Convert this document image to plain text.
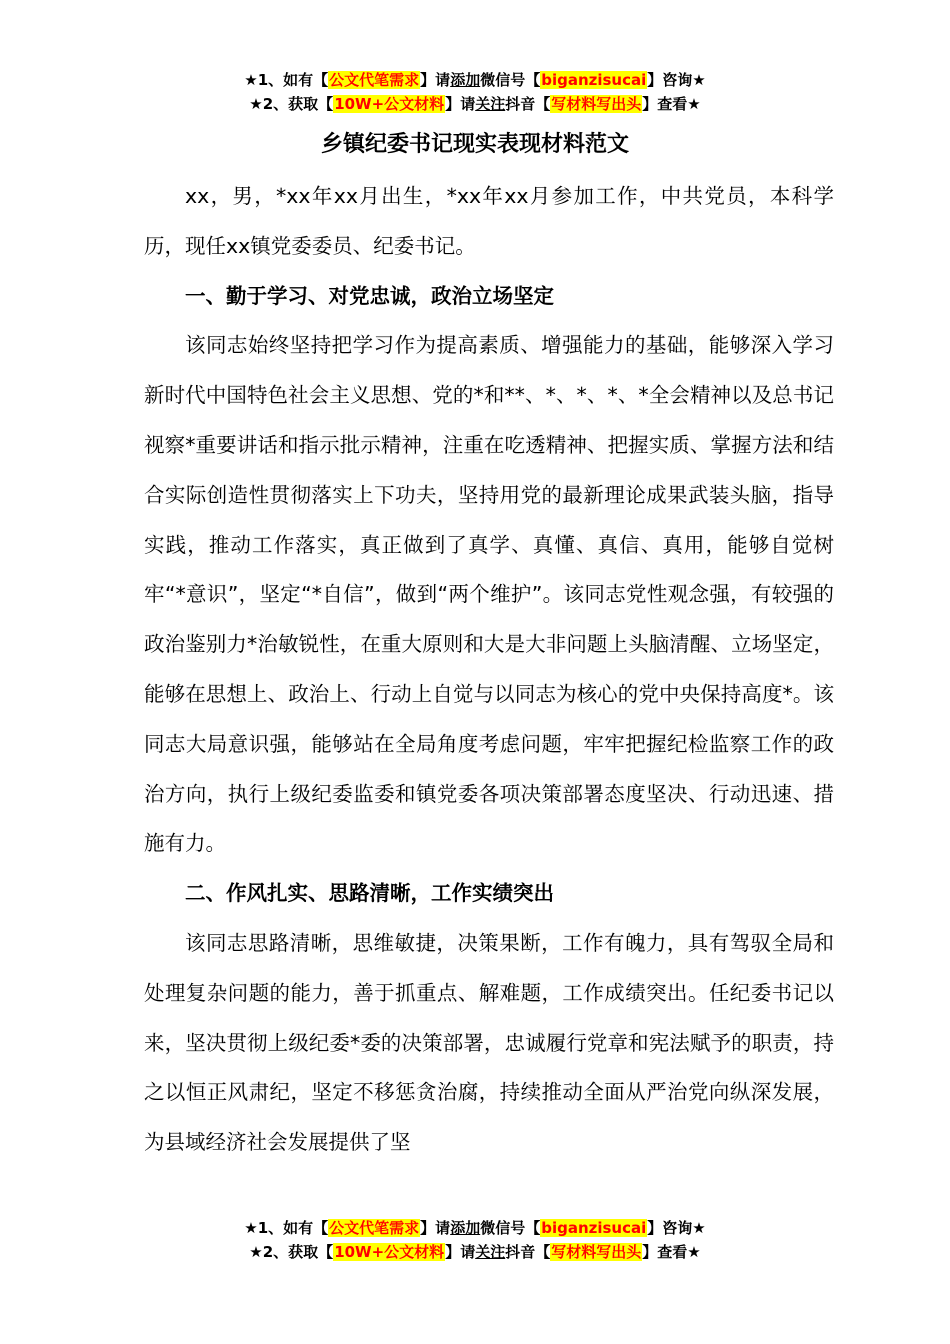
★1、如有【公文代笔需求】请添加微信号【biganzisucai】咨询★
★2、获取【10W+公文材料】请关注抖音【写材料写出头】查看★
乡镇纪委书记现实表现材料范文

xx，男，*xx年xx月出生，*xx年xx月参加工作，中共党员，本科学历，现任xx镇党委委员、纪委书记。

一、勤于学习、对党忠诚，政治立场坚定

该同志始终坚持把学习作为提高素质、增强能力的基础，能够深入学习新时代中国特色社会主义思想、党的*和**、*、*、*、*全会精神以及总书记视察*重要讲话和指示批示精神，注重在吃透精神、把握实质、掌握方法和结合实际创造性贯彻落实上下功夫，坚持用党的最新理论成果武装头脑，指导实践，推动工作落实，真正做到了真学、真懂、真信、真用，能够自觉树牢“*意识”，坚定“*自信”，做到“两个维护”。该同志党性观念强，有较强的政治鉴别力*治敏锐性，在重大原则和大是大非问题上头脑清醒、立场坚定，能够在思想上、政治上、行动上自觉与以同志为核心的党中央保持高度*。该同志大局意识强，能够站在全局角度考虑问题，牢牢把握纪检监察工作的政治方向，执行上级纪委监委和镇党委各项决策部署态度坚决、行动迅速、措施有力。

二、作风扎实、思路清晰，工作实绩突出

该同志思路清晰，思维敏捷，决策果断，工作有魄力，具有驾驭全局和处理复杂问题的能力，善于抓重点、解难题，工作成绩突出。任纪委书记以来，坚决贯彻上级纪委*委的决策部署，忠诚履行党章和宪法赋予的职责，持之以恒正风肃纪，坚定不移惩贪治腐，持续推动全面从严治党向纵深发展，为县域经济社会发展提供了坚

★1、如有【公文代笔需求】请添加微信号【biganzisucai】咨询★
★2、获取【10W+公文材料】请关注抖音【写材料写出头】查看★
